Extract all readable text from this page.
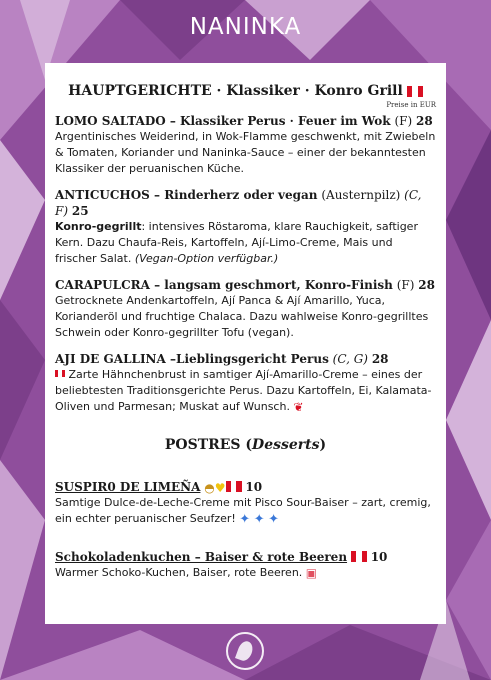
NANINKA
HAUPTGERICHTE · Klassiker · Konro Grill
Preise in EUR
LOMO SALTADO – Klassiker Perus · Feuer im Wok (F) 28
Argentinisches Weiderind, in Wok-Flamme geschwenkt, mit Zwiebeln & Tomaten, Koriander und Naninka-Sauce – einer der bekanntesten Klassiker der peruanischen Küche.
ANTICUCHOS – Rinderherz oder vegan (Austernpilz) (C, F) 25
Konro-gegrillt: intensives Röstaroma, klare Rauchigkeit, saftiger Kern. Dazu Chaufa-Reis, Kartoffeln, Ají-Limo-Creme, Mais und frischer Salat. (Vegan-Option verfügbar.)
CARAPULCRA – langsam geschmort, Konro-Finish (F) 28
Getrocknete Andenkartoffeln, Ají Panca & Ají Amarillo, Yuca, Korianderöl und fruchtige Chalaca. Dazu wahlweise Konro-gegrilltes Schwein oder Konro-gegrillter Tofu (vegan).
AJI DE GALLINA –Lieblingsgericht Perus (C, G) 28
Zarte Hähnchenbrust in samtiger Ají-Amarillo-Creme – eines der beliebtesten Traditionsgerichte Perus. Dazu Kartoffeln, Ei, Kalamata-Oliven und Parmesan; Muskat auf Wunsch. ❦
POSTRES (Desserts)
SUSPIR0 DE LIMEÑA ◓♥ 10
Samtige Dulce-de-Leche-Creme mit Pisco Sour-Baiser – zart, cremig, ein echter peruanischer Seufzer! ✦ ✦ ✦
Schokoladenkuchen – Baiser & rote Beeren 10
Warmer Schoko-Kuchen, Baiser, rote Beeren. ▣
